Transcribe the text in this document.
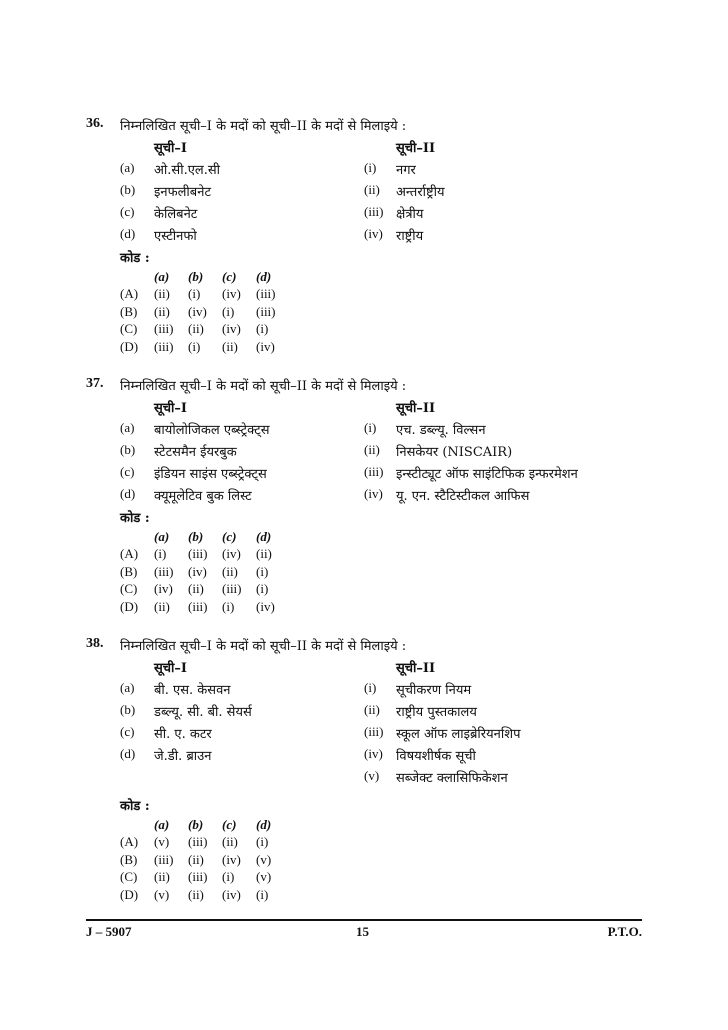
36. निम्नलिखित सूची–I के मदों को सूची–II के मदों से मिलाइये :
सूची–I	सूची–II
(a) ओ.सी.एल.सी	(i) नगर
(b) इनफलीबनेट	(ii) अन्तर्राष्ट्रीय
(c) केलिबनेट	(iii) क्षेत्रीय
(d) एस्टीनफो	(iv) राष्ट्रीय
कोड :
	(a)	(b)	(c)	(d)
(A)	(ii)	(i)	(iv)	(iii)
(B)	(ii)	(iv)	(i)	(iii)
(C)	(iii)	(ii)	(iv)	(i)
(D)	(iii)	(i)	(ii)	(iv)
37. निम्नलिखित सूची–I के मदों को सूची–II के मदों से मिलाइये :
सूची–I	सूची–II
(a) बायोलोजिकल एब्स्ट्रेक्ट्स	(i) एच. डब्ल्यू. विल्सन
(b) स्टेटसमैन ईयरबुक	(ii) निसकेयर (NISCAIR)
(c) इंडियन साइंस एब्स्ट्रेक्ट्स	(iii) इन्स्टीट्यूट ऑफ साइंटिफिक इन्फरमेशन
(d) क्यूमूलेटिव बुक लिस्ट	(iv) यू. एन. स्टैटिस्टीकल आफिस
कोड :
	(a)	(b)	(c)	(d)
(A)	(i)	(iii)	(iv)	(ii)
(B)	(iii)	(iv)	(ii)	(i)
(C)	(iv)	(ii)	(iii)	(i)
(D)	(ii)	(iii)	(i)	(iv)
38. निम्नलिखित सूची–I के मदों को सूची–II के मदों से मिलाइये :
सूची–I	सूची–II
(a) बी. एस. केसवन	(i) सूचीकरण नियम
(b) डब्ल्यू. सी. बी. सेयर्स	(ii) राष्ट्रीय पुस्तकालय
(c) सी. ए. कटर	(iii) स्कूल ऑफ लाइब्रेरियनशिप
(d) जे.डी. ब्राउन	(iv) विषयशीर्षक सूची
(v) सब्जेक्ट क्लासिफिकेशन
कोड :
	(a)	(b)	(c)	(d)
(A)	(v)	(iii)	(ii)	(i)
(B)	(iii)	(ii)	(iv)	(v)
(C)	(ii)	(iii)	(i)	(v)
(D)	(v)	(ii)	(iv)	(i)
J – 5907	15	P.T.O.
